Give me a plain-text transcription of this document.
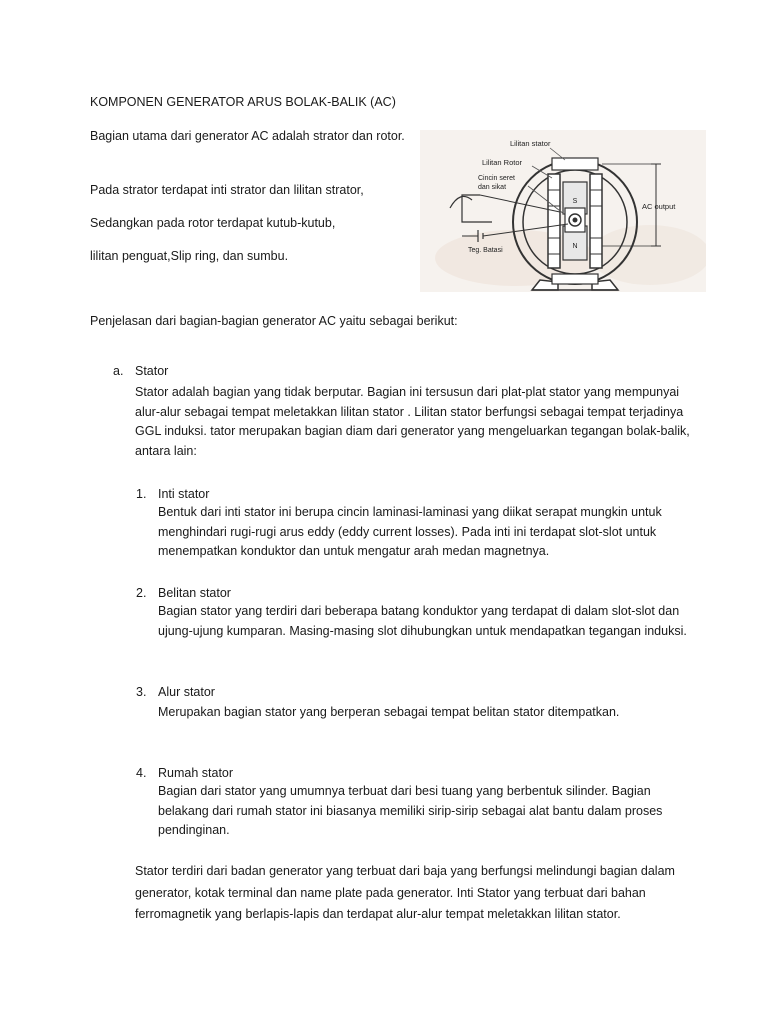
KOMPONEN GENERATOR ARUS BOLAK-BALIK (AC)

Bagian utama dari generator AC adalah strator dan rotor.

Pada strator terdapat inti strator dan lilitan strator,

Sedangkan pada rotor terdapat kutub-kutub,

lilitan penguat,Slip ring, dan sumbu.

S
N
Lilitan stator
Lilitan Rotor
Cincin seret
dan sikat
AC output
Teg. Batasi

Penjelasan dari bagian-bagian generator AC yaitu sebagai berikut:

a. Stator

Stator adalah bagian yang tidak berputar. Bagian ini tersusun dari plat-plat stator yang mempunyai alur-alur sebagai tempat meletakkan lilitan stator . Lilitan stator berfungsi sebagai tempat terjadinya GGL induksi. tator merupakan bagian diam dari generator yang mengeluarkan tegangan bolak-balik, antara lain:

1. Inti stator

Bentuk dari inti stator ini berupa cincin laminasi-laminasi yang diikat serapat mungkin untuk menghindari rugi-rugi arus eddy (eddy current losses). Pada inti ini terdapat slot-slot untuk menempatkan konduktor dan untuk mengatur arah medan magnetnya.

2. Belitan stator

Bagian stator yang terdiri dari beberapa batang konduktor yang terdapat di dalam slot-slot dan ujung-ujung kumparan. Masing-masing slot dihubungkan untuk mendapatkan tegangan induksi.

3. Alur stator

Merupakan bagian stator yang berperan sebagai tempat belitan stator ditempatkan.

4. Rumah stator

Bagian dari stator yang umumnya terbuat dari besi tuang yang berbentuk silinder. Bagian belakang dari rumah stator ini biasanya memiliki sirip-sirip sebagai alat bantu dalam proses pendinginan.

Stator terdiri dari badan generator yang terbuat dari baja yang berfungsi melindungi bagian dalam generator, kotak terminal dan name plate pada generator. Inti Stator yang terbuat dari bahan ferromagnetik yang berlapis-lapis dan terdapat alur-alur tempat meletakkan lilitan stator.
